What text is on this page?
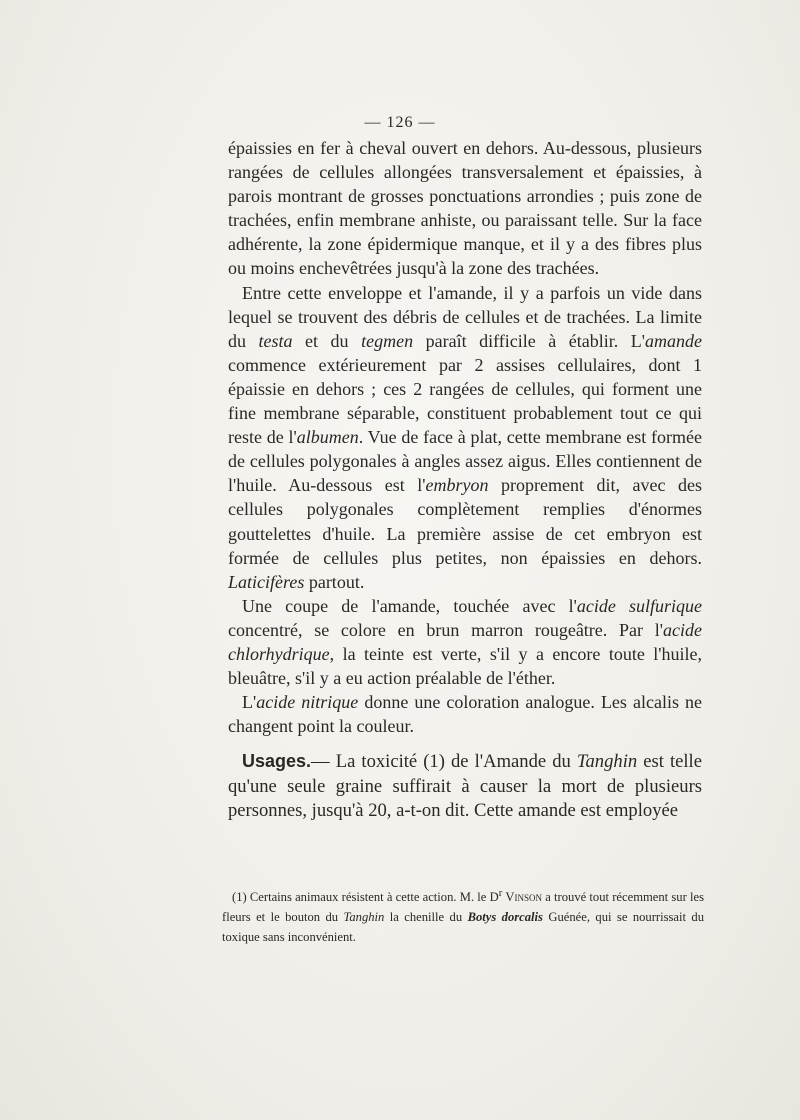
— 126 —

épaissies en fer à cheval ouvert en dehors. Au-dessous, plusieurs rangées de cellules allongées transversalement et épaissies, à parois montrant de grosses ponctuations arrondies ; puis zone de trachées, enfin membrane anhiste, ou paraissant telle. Sur la face adhérente, la zone épidermique manque, et il y a des fibres plus ou moins enchevêtrées jusqu'à la zone des trachées.

Entre cette enveloppe et l'amande, il y a parfois un vide dans lequel se trouvent des débris de cellules et de trachées. La limite du testa et du tegmen paraît difficile à établir. L'amande commence extérieurement par 2 assises cellulaires, dont 1 épaissie en dehors ; ces 2 rangées de cellules, qui forment une fine membrane séparable, constituent probablement tout ce qui reste de l'albumen. Vue de face à plat, cette membrane est formée de cellules polygonales à angles assez aigus. Elles contiennent de l'huile. Au-dessous est l'embryon proprement dit, avec des cellules polygonales complètement remplies d'énormes gouttelettes d'huile. La première assise de cet embryon est formée de cellules plus petites, non épaissies en dehors. Laticifères partout.

Une coupe de l'amande, touchée avec l'acide sulfurique concentré, se colore en brun marron rougeâtre. Par l'acide chlorhydrique, la teinte est verte, s'il y a encore toute l'huile, bleuâtre, s'il y a eu action préalable de l'éther.

L'acide nitrique donne une coloration analogue. Les alcalis ne changent point la couleur.

Usages.— La toxicité (1) de l'Amande du Tanghin est telle qu'une seule graine suffirait à causer la mort de plusieurs personnes, jusqu'à 20, a-t-on dit. Cette amande est employée

(1) Certains animaux résistent à cette action. M. le $D^r$ Vinson a trouvé tout récemment sur les fleurs et le bouton du Tanghin la chenille du Botys dorcalis Guénée, qui se nourrissait du toxique sans inconvénient.
